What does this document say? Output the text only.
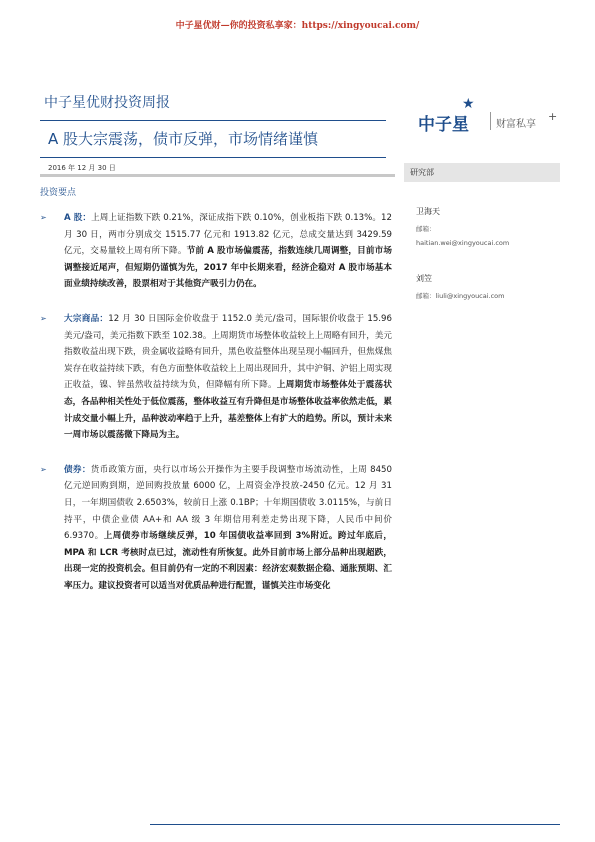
中子星优财—你的投资私享家：https://xingyoucai.com/
中子星优财投资周报
A 股大宗震荡，债市反弹，市场情绪谨慎
★
中子星	财富私享
+
2016 年 12 月 30 日
投资要点
研究部
卫海天
邮箱：
haitian.wei@xingyoucai.com
刘笠
邮箱：liuli@xingyoucai.com
➢ A 股：上周上证指数下跌 0.21%，深证成指下跌 0.10%，创业板指下跌 0.13%。12 月 30 日，两市分别成交 1515.77 亿元和 1913.82 亿元，总成交量达到 3429.59 亿元，交易量较上周有所下降。节前 A 股市场偏震荡，指数连续几周调整，目前市场调整接近尾声，但短期仍谨慎为先，2017 年中长期来看，经济企稳对 A 股市场基本面业绩持续改善，股票相对于其他资产吸引力仍在。
➢ 大宗商品：12 月 30 日国际金价收盘于 1152.0 美元/盎司，国际银价收盘于 15.96 美元/盎司，美元指数下跌至 102.38。上周期货市场整体收益较上上周略有回升，美元指数收益出现下跌，贵金属收益略有回升，黑色收益整体出现呈现小幅回升，但焦煤焦炭存在收益持续下跌，有色方面整体收益较上上周出现回升，其中沪铜、沪铝上周实现正收益，镍、锌虽然收益持续为负，但降幅有所下降。上周期货市场整体处于震荡状态，各品种相关性处于低位震荡，整体收益互有升降但是市场整体收益率依然走低，累计成交量小幅上升，品种波动率趋于上升，基差整体上有扩大的趋势。所以，预计未来一周市场以震荡微下降局为主。
➢ 债券：货币政策方面，央行以市场公开操作为主要手段调整市场流动性，上周 8450 亿元逆回购到期，逆回购投放量 6000 亿，上周资金净投放-2450 亿元。12 月 31 日，一年期国债收 2.6503%，较前日上涨 0.1BP；十年期国债收 3.0115%，与前日持平，中债企业债 AA+和 AA 级 3 年期信用利差走势出现下降，人民币中间价 6.9370。上周债券市场继续反弹，10 年国债收益率回到 3%附近。跨过年底后，MPA 和 LCR 考核时点已过，流动性有所恢复。此外目前市场上部分品种出现超跌，出现一定的投资机会。但目前仍有一定的不利因素：经济宏观数据企稳、通胀预期、汇率压力。建议投资者可以适当对优质品种进行配置，谨慎关注市场变化
